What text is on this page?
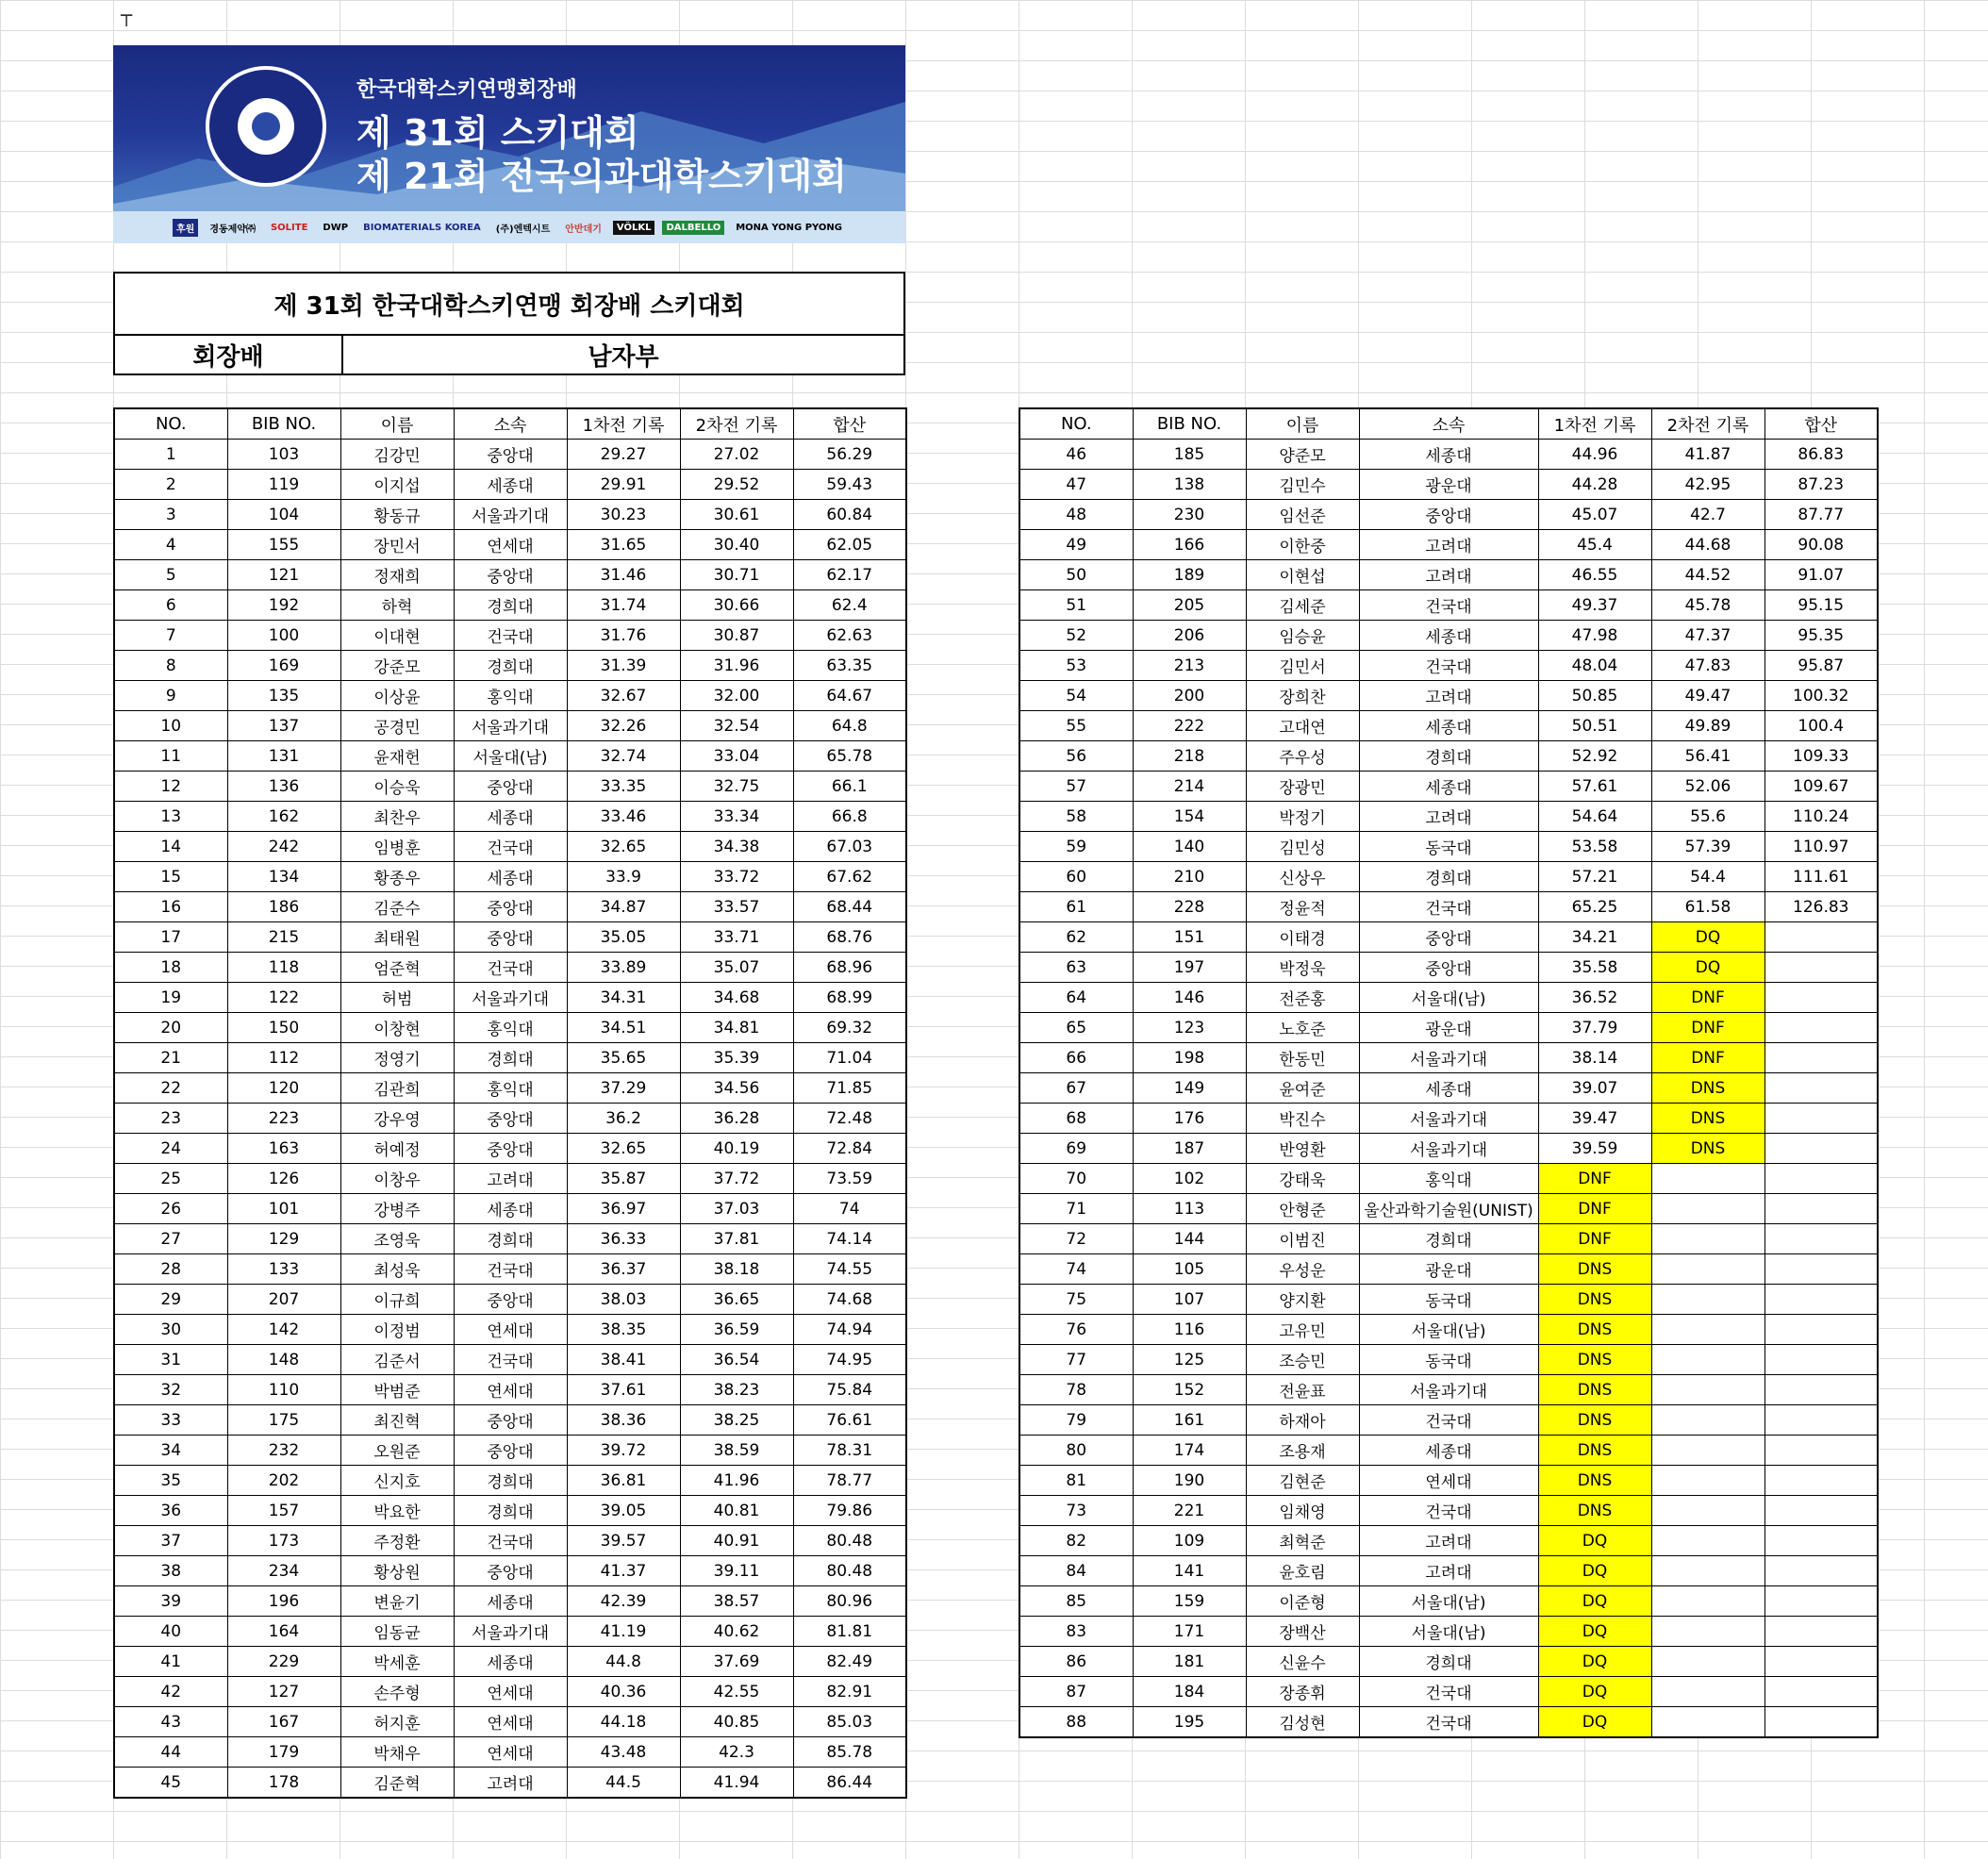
┬
한국대학스키연맹회장배
제 31회 스키대회
제 21회 전국의과대학스키대회
후원	경동제약㈜	SOLITE	DWP	BIOMATERIALS KOREA	(주)엔텍시트	안반데기	VÖLKL	DALBELLO	MONA YONG PYONG
제 31회 한국대학스키연맹 회장배 스키대회
회장배	남자부
NO.	BIB NO.	이름	소속	1차전 기록	2차전 기록	합산
1	103	김강민	중앙대	29.27	27.02	56.29
2	119	이지섭	세종대	29.91	29.52	59.43
3	104	황동규	서울과기대	30.23	30.61	60.84
4	155	장민서	연세대	31.65	30.40	62.05
5	121	정재희	중앙대	31.46	30.71	62.17
6	192	하혁	경희대	31.74	30.66	62.4
7	100	이대현	건국대	31.76	30.87	62.63
8	169	강준모	경희대	31.39	31.96	63.35
9	135	이상윤	홍익대	32.67	32.00	64.67
10	137	공경민	서울과기대	32.26	32.54	64.8
11	131	윤재헌	서울대(남)	32.74	33.04	65.78
12	136	이승욱	중앙대	33.35	32.75	66.1
13	162	최찬우	세종대	33.46	33.34	66.8
14	242	임병훈	건국대	32.65	34.38	67.03
15	134	황종우	세종대	33.9	33.72	67.62
16	186	김준수	중앙대	34.87	33.57	68.44
17	215	최태원	중앙대	35.05	33.71	68.76
18	118	엄준혁	건국대	33.89	35.07	68.96
19	122	허범	서울과기대	34.31	34.68	68.99
20	150	이창현	홍익대	34.51	34.81	69.32
21	112	정영기	경희대	35.65	35.39	71.04
22	120	김관희	홍익대	37.29	34.56	71.85
23	223	강우영	중앙대	36.2	36.28	72.48
24	163	허예정	중앙대	32.65	40.19	72.84
25	126	이창우	고려대	35.87	37.72	73.59
26	101	강병주	세종대	36.97	37.03	74
27	129	조영욱	경희대	36.33	37.81	74.14
28	133	최성욱	건국대	36.37	38.18	74.55
29	207	이규희	중앙대	38.03	36.65	74.68
30	142	이정범	연세대	38.35	36.59	74.94
31	148	김준서	건국대	38.41	36.54	74.95
32	110	박범준	연세대	37.61	38.23	75.84
33	175	최진혁	중앙대	38.36	38.25	76.61
34	232	오원준	중앙대	39.72	38.59	78.31
35	202	신지호	경희대	36.81	41.96	78.77
36	157	박요한	경희대	39.05	40.81	79.86
37	173	주정환	건국대	39.57	40.91	80.48
38	234	황상원	중앙대	41.37	39.11	80.48
39	196	변윤기	세종대	42.39	38.57	80.96
40	164	임동균	서울과기대	41.19	40.62	81.81
41	229	박세훈	세종대	44.8	37.69	82.49
42	127	손주형	연세대	40.36	42.55	82.91
43	167	허지훈	연세대	44.18	40.85	85.03
44	179	박채우	연세대	43.48	42.3	85.78
45	178	김준혁	고려대	44.5	41.94	86.44
NO.	BIB NO.	이름	소속	1차전 기록	2차전 기록	합산
46	185	양준모	세종대	44.96	41.87	86.83
47	138	김민수	광운대	44.28	42.95	87.23
48	230	임선준	중앙대	45.07	42.7	87.77
49	166	이한중	고려대	45.4	44.68	90.08
50	189	이현섭	고려대	46.55	44.52	91.07
51	205	김세준	건국대	49.37	45.78	95.15
52	206	임승윤	세종대	47.98	47.37	95.35
53	213	김민서	건국대	48.04	47.83	95.87
54	200	장희찬	고려대	50.85	49.47	100.32
55	222	고대연	세종대	50.51	49.89	100.4
56	218	주우성	경희대	52.92	56.41	109.33
57	214	장광민	세종대	57.61	52.06	109.67
58	154	박정기	고려대	54.64	55.6	110.24
59	140	김민성	동국대	53.58	57.39	110.97
60	210	신상우	경희대	57.21	54.4	111.61
61	228	정윤적	건국대	65.25	61.58	126.83
62	151	이태경	중앙대	34.21	DQ	
63	197	박정욱	중앙대	35.58	DQ	
64	146	전준홍	서울대(남)	36.52	DNF	
65	123	노호준	광운대	37.79	DNF	
66	198	한동민	서울과기대	38.14	DNF	
67	149	윤여준	세종대	39.07	DNS	
68	176	박진수	서울과기대	39.47	DNS	
69	187	반영환	서울과기대	39.59	DNS	
70	102	강태욱	홍익대	DNF		
71	113	안형준	울산과학기술원(UNIST)	DNF		
72	144	이범진	경희대	DNF		
74	105	우성운	광운대	DNS		
75	107	양지환	동국대	DNS		
76	116	고유민	서울대(남)	DNS		
77	125	조승민	동국대	DNS		
78	152	전윤표	서울과기대	DNS		
79	161	하재아	건국대	DNS		
80	174	조용재	세종대	DNS		
81	190	김현준	연세대	DNS		
73	221	임채영	건국대	DNS		
82	109	최혁준	고려대	DQ		
84	141	윤호림	고려대	DQ		
85	159	이준형	서울대(남)	DQ		
83	171	장백산	서울대(남)	DQ		
86	181	신윤수	경희대	DQ		
87	184	장종휘	건국대	DQ		
88	195	김성현	건국대	DQ		
